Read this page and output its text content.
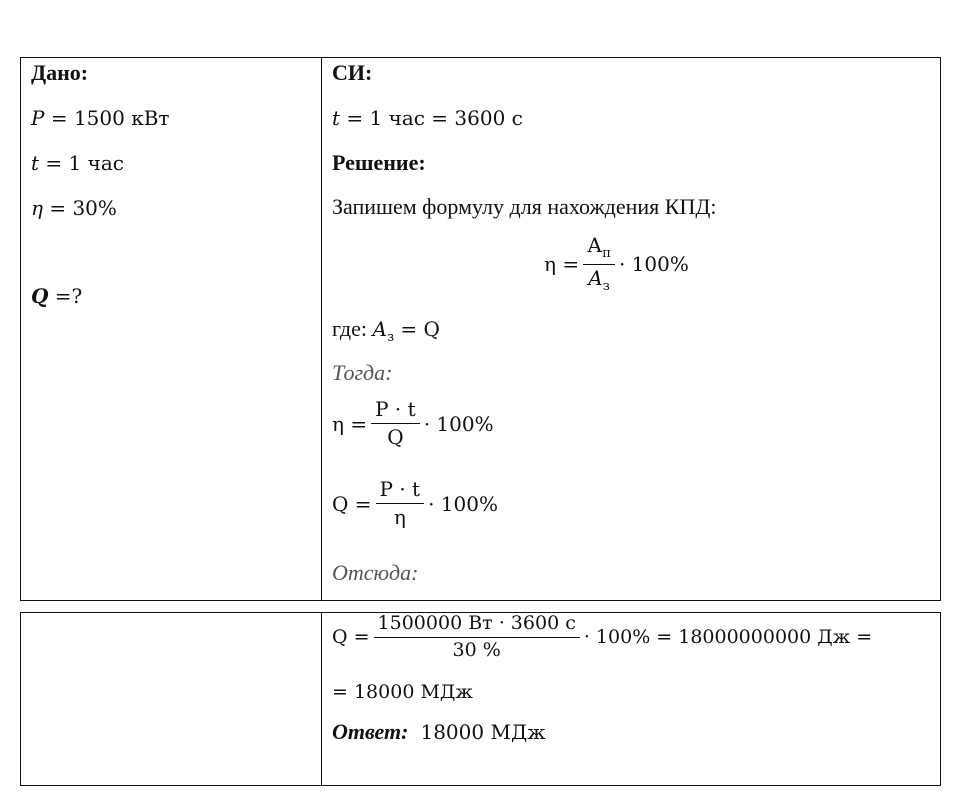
Дано:
P = 1500 кВт
t = 1 час
η = 30%
Q =?
СИ:
t = 1 час = 3600 с
Решение:
Запишем формулу для нахождения КПД:
$\eta = \frac{А_п}{A_з} \cdot 100\%$
где: $A_з = Q$
Тогда:
$\eta = \frac{P \cdot t}{Q} \cdot 100\%$
$Q = \frac{P \cdot t}{\eta} \cdot 100\%$
Отсюда:
$Q = \frac{1500000 Вт \cdot 3600 с}{30 \%} \cdot 100\% = 18000000000$ Дж =
= 18000 МДж
Ответ: 18000 МДж
